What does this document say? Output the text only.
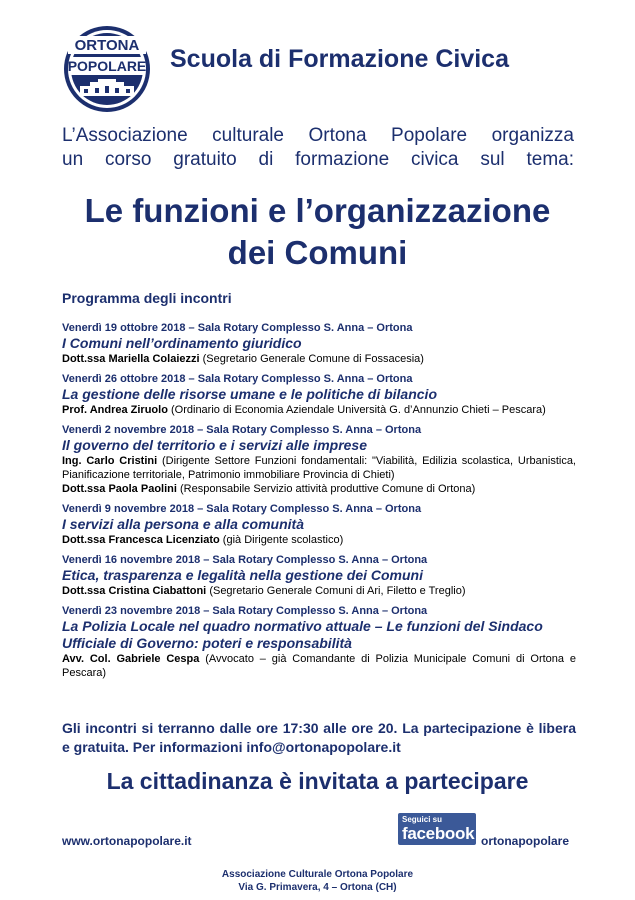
ORTONA
POPOLARE Scuola di Formazione Civica
L’Associazione culturale Ortona Popolare organizza
un corso gratuito di formazione civica sul tema:
Le funzioni e l’organizzazione
dei Comuni
Programma degli incontri
Venerdì 19 ottobre 2018 – Sala Rotary Complesso S. Anna – Ortona
I Comuni nell’ordinamento giuridico
Dott.ssa Mariella Colaiezzi (Segretario Generale Comune di Fossacesia)
Venerdì 26 ottobre 2018 – Sala Rotary Complesso S. Anna – Ortona
La gestione delle risorse umane e le politiche di bilancio
Prof. Andrea Ziruolo (Ordinario di Economia Aziendale Università G. d’Annunzio Chieti – Pescara)
Venerdì 2 novembre 2018 – Sala Rotary Complesso S. Anna – Ortona
Il governo del territorio e i servizi alle imprese
Ing. Carlo Cristini (Dirigente Settore Funzioni fondamentali: "Viabilità, Edilizia scolastica, Urbanistica, Pianificazione territoriale, Patrimonio immobiliare Provincia di Chieti)
Dott.ssa Paola Paolini (Responsabile Servizio attività produttive Comune di Ortona)
Venerdì 9 novembre 2018 – Sala Rotary Complesso S. Anna – Ortona
I servizi alla persona e alla comunità
Dott.ssa Francesca Licenziato (già Dirigente scolastico)
Venerdì 16 novembre 2018 – Sala Rotary Complesso S. Anna – Ortona
Etica, trasparenza e legalità nella gestione dei Comuni
Dott.ssa Cristina Ciabattoni (Segretario Generale Comuni di Ari, Filetto e Treglio)
Venerdì 23 novembre 2018 – Sala Rotary Complesso S. Anna – Ortona
La Polizia Locale nel quadro normativo attuale – Le funzioni del Sindaco Ufficiale di Governo: poteri e responsabilità
Avv. Col. Gabriele Cespa (Avvocato – già Comandante di Polizia Municipale Comuni di Ortona e Pescara)
Gli incontri si terranno dalle ore 17:30 alle ore 20. La partecipazione è libera e gratuita. Per informazioni info@ortonapopolare.it
La cittadinanza è invitata a partecipare
www.ortonapopolare.it
Seguici su
facebook ortonapopolare
Associazione Culturale Ortona Popolare
Via G. Primavera, 4 – Ortona (CH)
